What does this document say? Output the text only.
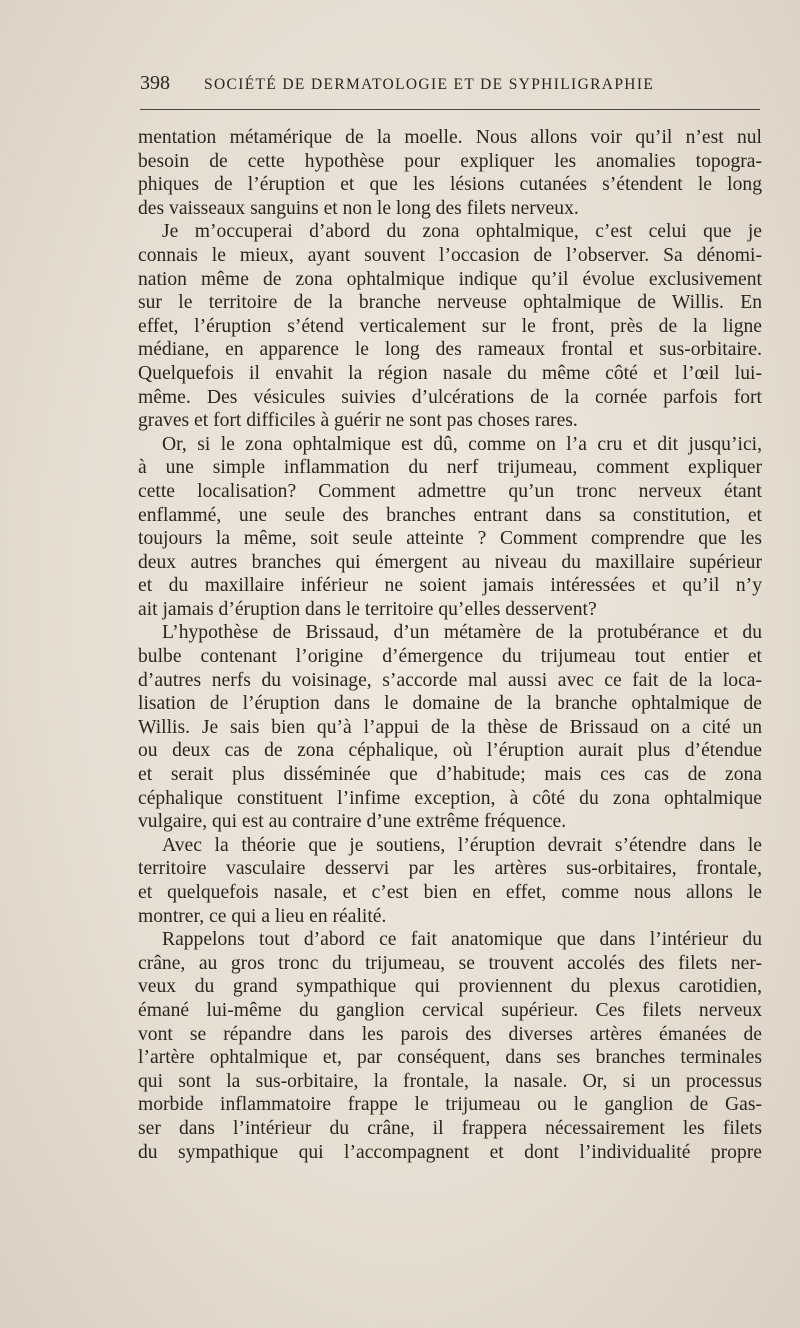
398 SOCIÉTÉ DE DERMATOLOGIE ET DE SYPHILIGRAPHIE
mentation métamérique de la moelle. Nous allons voir qu’il n’est nul
besoin de cette hypothèse pour expliquer les anomalies topogra-
phiques de l’éruption et que les lésions cutanées s’étendent le long
des vaisseaux sanguins et non le long des filets nerveux.
Je m’occuperai d’abord du zona ophtalmique, c’est celui que je
connais le mieux, ayant souvent l’occasion de l’observer. Sa dénomi-
nation même de zona ophtalmique indique qu’il évolue exclusivement
sur le territoire de la branche nerveuse ophtalmique de Willis. En
effet, l’éruption s’étend verticalement sur le front, près de la ligne
médiane, en apparence le long des rameaux frontal et sus-orbitaire.
Quelquefois il envahit la région nasale du même côté et l’œil lui-
même. Des vésicules suivies d’ulcérations de la cornée parfois fort
graves et fort difficiles à guérir ne sont pas choses rares.
Or, si le zona ophtalmique est dû, comme on l’a cru et dit jusqu’ici,
à une simple inflammation du nerf trijumeau, comment expliquer
cette localisation? Comment admettre qu’un tronc nerveux étant
enflammé, une seule des branches entrant dans sa constitution, et
toujours la même, soit seule atteinte ? Comment comprendre que les
deux autres branches qui émergent au niveau du maxillaire supérieur
et du maxillaire inférieur ne soient jamais intéressées et qu’il n’y
ait jamais d’éruption dans le territoire qu’elles desservent?
L’hypothèse de Brissaud, d’un métamère de la protubérance et du
bulbe contenant l’origine d’émergence du trijumeau tout entier et
d’autres nerfs du voisinage, s’accorde mal aussi avec ce fait de la loca-
lisation de l’éruption dans le domaine de la branche ophtalmique de
Willis. Je sais bien qu’à l’appui de la thèse de Brissaud on a cité un
ou deux cas de zona céphalique, où l’éruption aurait plus d’étendue
et serait plus disséminée que d’habitude; mais ces cas de zona
céphalique constituent l’infime exception, à côté du zona ophtalmique
vulgaire, qui est au contraire d’une extrême fréquence.
Avec la théorie que je soutiens, l’éruption devrait s’étendre dans le
territoire vasculaire desservi par les artères sus-orbitaires, frontale,
et quelquefois nasale, et c’est bien en effet, comme nous allons le
montrer, ce qui a lieu en réalité.
Rappelons tout d’abord ce fait anatomique que dans l’intérieur du
crâne, au gros tronc du trijumeau, se trouvent accolés des filets ner-
veux du grand sympathique qui proviennent du plexus carotidien,
émané lui-même du ganglion cervical supérieur. Ces filets nerveux
vont se répandre dans les parois des diverses artères émanées de
l’artère ophtalmique et, par conséquent, dans ses branches terminales
qui sont la sus-orbitaire, la frontale, la nasale. Or, si un processus
morbide inflammatoire frappe le trijumeau ou le ganglion de Gas-
ser dans l’intérieur du crâne, il frappera nécessairement les filets
du sympathique qui l’accompagnent et dont l’individualité propre
